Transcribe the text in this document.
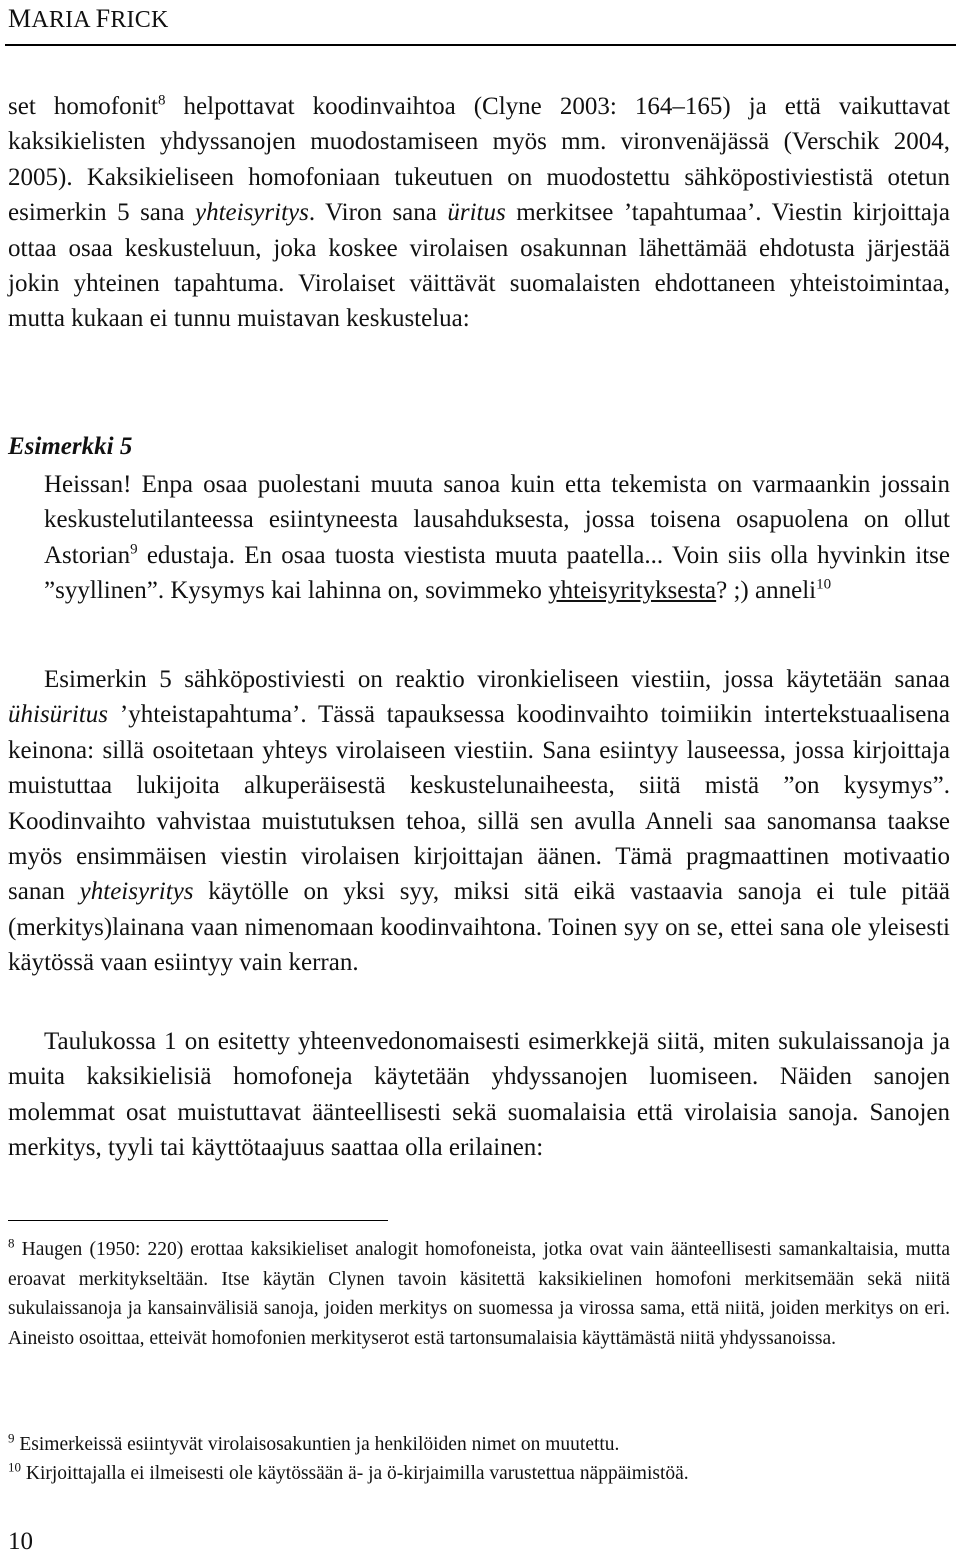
MARIA FRICK

set homofonit$^8$ helpottavat koodinvaihtoa (Clyne 2003: 164–165) ja että vaikuttavat kaksikielisten yhdyssanojen muodostamiseen myös mm. vironvenäjässä (Verschik 2004, 2005). Kaksikieliseen homofoniaan tukeutuen on muodostettu sähköpostiviestistä otetun esimerkin 5 sana yhteisyritys. Viron sana üritus merkitsee ’tapahtumaa’. Viestin kirjoittaja ottaa osaa keskusteluun, joka koskee virolaisen osakunnan lähettämää ehdotusta järjestää jokin yhteinen tapahtuma. Virolaiset väittävät suomalaisten ehdottaneen yhteistoimintaa, mutta kukaan ei tunnu muistavan keskustelua:

Esimerkki 5

Heissan! Enpa osaa puolestani muuta sanoa kuin etta tekemista on varmaankin jossain keskustelutilanteessa esiintyneesta lausahduksesta, jossa toisena osapuolena on ollut Astorian$^9$ edustaja. En osaa tuosta viestista muuta paatella... Voin siis olla hyvinkin itse ”syyllinen”. Kysymys kai lahinna on, sovimmeko yhteisyrityksesta? ;) anneli$^{10}$

Esimerkin 5 sähköpostiviesti on reaktio vironkieliseen viestiin, jossa käytetään sanaa ühisüritus ’yhteistapahtuma’. Tässä tapauksessa koodinvaihto toimiikin intertekstuaalisena keinona: sillä osoitetaan yhteys virolaiseen viestiin. Sana esiintyy lauseessa, jossa kirjoittaja muistuttaa lukijoita alkuperäisestä keskustelunaiheesta, siitä mistä ”on kysymys”. Koodinvaihto vahvistaa muistutuksen tehoa, sillä sen avulla Anneli saa sanomansa taakse myös ensimmäisen viestin virolaisen kirjoittajan äänen. Tämä pragmaattinen motivaatio sanan yhteisyritys käytölle on yksi syy, miksi sitä eikä vastaavia sanoja ei tule pitää (merkitys)lainana vaan nimenomaan koodinvaihtona. Toinen syy on se, ettei sana ole yleisesti käytössä vaan esiintyy vain kerran.

Taulukossa 1 on esitetty yhteenvedonomaisesti esimerkkejä siitä, miten sukulaissanoja ja muita kaksikielisiä homofoneja käytetään yhdyssanojen luomiseen. Näiden sanojen molemmat osat muistuttavat äänteellisesti sekä suomalaisia että virolaisia sanoja. Sanojen merkitys, tyyli tai käyttötaajuus saattaa olla erilainen:

$^8$ Haugen (1950: 220) erottaa kaksikieliset analogit homofoneista, jotka ovat vain äänteellisesti samankaltaisia, mutta eroavat merkitykseltään. Itse käytän Clynen tavoin käsitettä kaksikielinen homofoni merkitsemään sekä niitä sukulaissanoja ja kansainvälisiä sanoja, joiden merkitys on suomessa ja virossa sama, että niitä, joiden merkitys on eri. Aineisto osoittaa, etteivät homofonien merkityserot estä tartonsumalaisia käyttämästä niitä yhdyssanoissa.

$^9$ Esimerkeissä esiintyvät virolaisosakuntien ja henkilöiden nimet on muutettu.

$^{10}$ Kirjoittajalla ei ilmeisesti ole käytössään ä- ja ö-kirjaimilla varustettua näppäimistöä.

10
